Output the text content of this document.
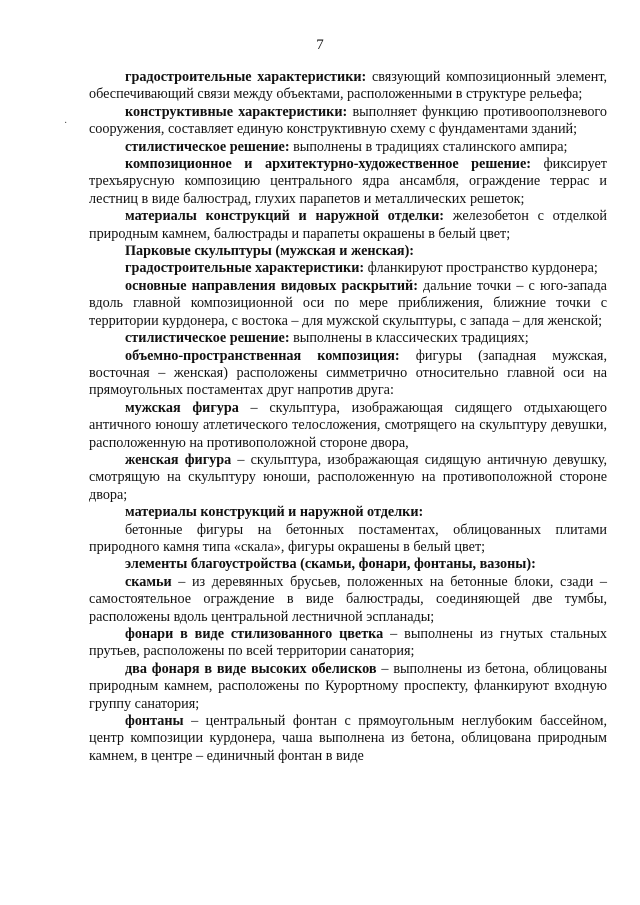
7
·

градостроительные характеристики: связующий композиционный элемент, обеспечивающий связи между объектами, расположенными в структуре рельефа;

конструктивные характеристики: выполняет функцию противооползневого сооружения, составляет единую конструктивную схему с фундаментами зданий;

стилистическое решение: выполнены в традициях сталинского ампира;

композиционное и архитектурно-художественное решение: фиксирует трехъярусную композицию центрального ядра ансамбля, ограждение террас и лестниц в виде балюстрад, глухих парапетов и металлических решеток;

материалы конструкций и наружной отделки: железобетон с отделкой природным камнем, балюстрады и парапеты окрашены в белый цвет;

Парковые скульптуры (мужская и женская):

градостроительные характеристики: фланкируют пространство курдонера;

основные направления видовых раскрытий: дальние точки – с юго-запада вдоль главной композиционной оси по мере приближения, ближние точки с территории курдонера, с востока – для мужской скульптуры, с запада – для женской;

стилистическое решение: выполнены в классических традициях;

объемно-пространственная композиция: фигуры (западная мужская, восточная – женская) расположены симметрично относительно главной оси на прямоугольных постаментах друг напротив друга:

мужская фигура – скульптура, изображающая сидящего отдыхающего античного юношу атлетического телосложения, смотрящего на скульптуру девушки, расположенную на противоположной стороне двора,

женская фигура – скульптура, изображающая сидящую античную девушку, смотрящую на скульптуру юноши, расположенную на противоположной стороне двора;

материалы конструкций и наружной отделки:

бетонные фигуры на бетонных постаментах, облицованных плитами природного камня типа «скала», фигуры окрашены в белый цвет;

элементы благоустройства (скамьи, фонари, фонтаны, вазоны):

скамьи – из деревянных брусьев, положенных на бетонные блоки, сзади –самостоятельное ограждение в виде балюстрады, соединяющей две тумбы, расположены вдоль центральной лестничной эспланады;

фонари в виде стилизованного цветка – выполнены из гнутых стальных прутьев, расположены по всей территории санатория;

два фонаря в виде высоких обелисков – выполнены из бетона, облицованы природным камнем, расположены по Курортному проспекту, фланкируют входную группу санатория;

фонтаны – центральный фонтан с прямоугольным неглубоким бассейном, центр композиции курдонера, чаша выполнена из бетона, облицована природным камнем, в центре – единичный фонтан в виде
